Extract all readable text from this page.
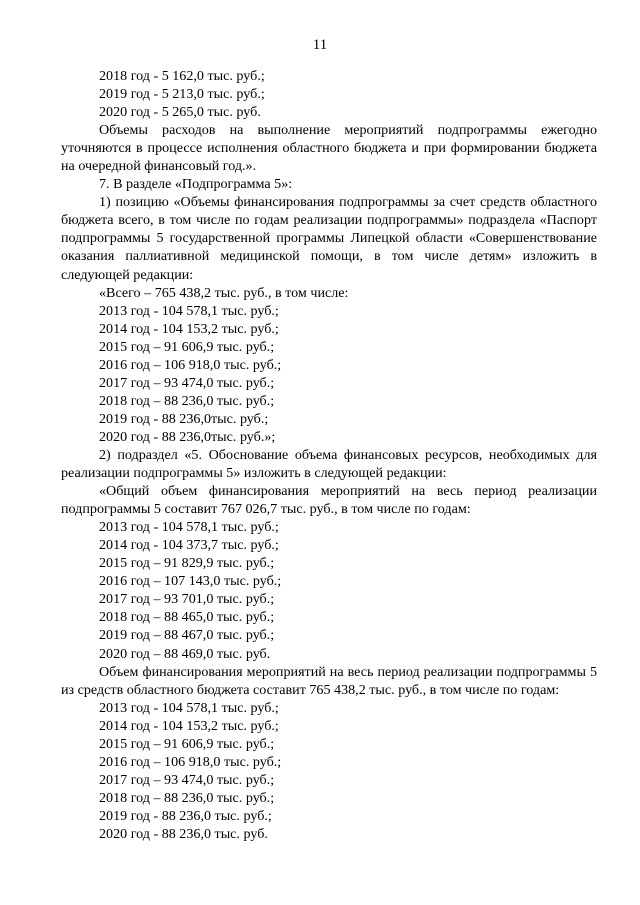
11

2018 год - 5 162,0 тыс. руб.;

2019 год - 5 213,0 тыс. руб.;

2020 год - 5 265,0 тыс. руб.

Объемы расходов на выполнение мероприятий подпрограммы ежегодно уточняются в процессе исполнения областного бюджета и при формировании бюджета на очередной финансовый год.».

7. В разделе «Подпрограмма 5»:

1) позицию «Объемы финансирования подпрограммы за счет средств областного бюджета всего, в том числе по годам реализации подпрограммы» подраздела «Паспорт подпрограммы 5 государственной программы Липецкой области «Совершенствование оказания паллиативной медицинской помощи, в том числе детям» изложить в следующей редакции:

«Всего – 765 438,2 тыс. руб., в том числе:

2013 год - 104 578,1 тыс. руб.;

2014 год - 104 153,2 тыс. руб.;

2015 год – 91 606,9 тыс. руб.;

2016 год – 106 918,0 тыс. руб.;

2017 год – 93 474,0 тыс. руб.;

2018 год – 88 236,0 тыс. руб.;

2019 год - 88 236,0тыс. руб.;

2020 год - 88 236,0тыс. руб.»;

2) подраздел «5. Обоснование объема финансовых ресурсов, необходимых для реализации подпрограммы 5» изложить в следующей редакции:

«Общий объем финансирования мероприятий на весь период реализации подпрограммы 5 составит 767 026,7 тыс. руб., в том числе по годам:

2013 год - 104 578,1 тыс. руб.;

2014 год - 104 373,7 тыс. руб.;

2015 год – 91 829,9 тыс. руб.;

2016 год – 107 143,0 тыс. руб.;

2017 год – 93 701,0 тыс. руб.;

2018 год – 88 465,0 тыс. руб.;

2019 год – 88 467,0 тыс. руб.;

2020 год – 88 469,0 тыс. руб.

Объем финансирования мероприятий на весь период реализации подпрограммы 5 из средств областного бюджета составит 765 438,2 тыс. руб., в том числе по годам:

2013 год - 104 578,1 тыс. руб.;

2014 год - 104 153,2 тыс. руб.;

2015 год – 91 606,9 тыс. руб.;

2016 год – 106 918,0 тыс. руб.;

2017 год – 93 474,0 тыс. руб.;

2018 год – 88 236,0 тыс. руб.;

2019 год - 88 236,0 тыс. руб.;

2020 год - 88 236,0 тыс. руб.
